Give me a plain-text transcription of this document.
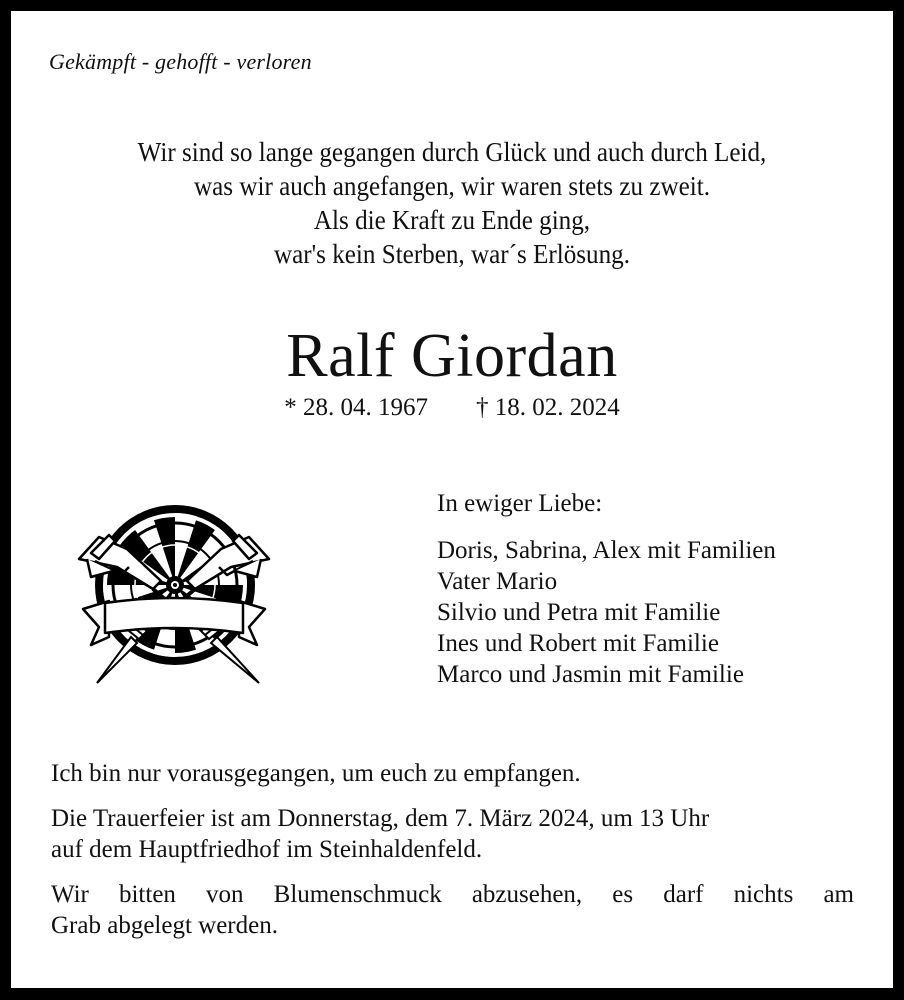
Gekämpft - gehofft - verloren
Wir sind so lange gegangen durch Glück und auch durch Leid,
was wir auch angefangen, wir waren stets zu zweit.
Als die Kraft zu Ende ging,
war's kein Sterben, war´s Erlösung.
Ralf Giordan
* 28. 04. 1967 † 18. 02. 2024
In ewiger Liebe:
Doris, Sabrina, Alex mit Familien
Vater Mario
Silvio und Petra mit Familie
Ines und Robert mit Familie
Marco und Jasmin mit Familie

Ich bin nur vorausgegangen, um euch zu empfangen.

Die Trauerfeier ist am Donnerstag, dem 7. März 2024, um 13 Uhr
auf dem Hauptfriedhof im Steinhaldenfeld.

Wir bitten von Blumenschmuck abzusehen, es darf nichts am
Grab abgelegt werden.
